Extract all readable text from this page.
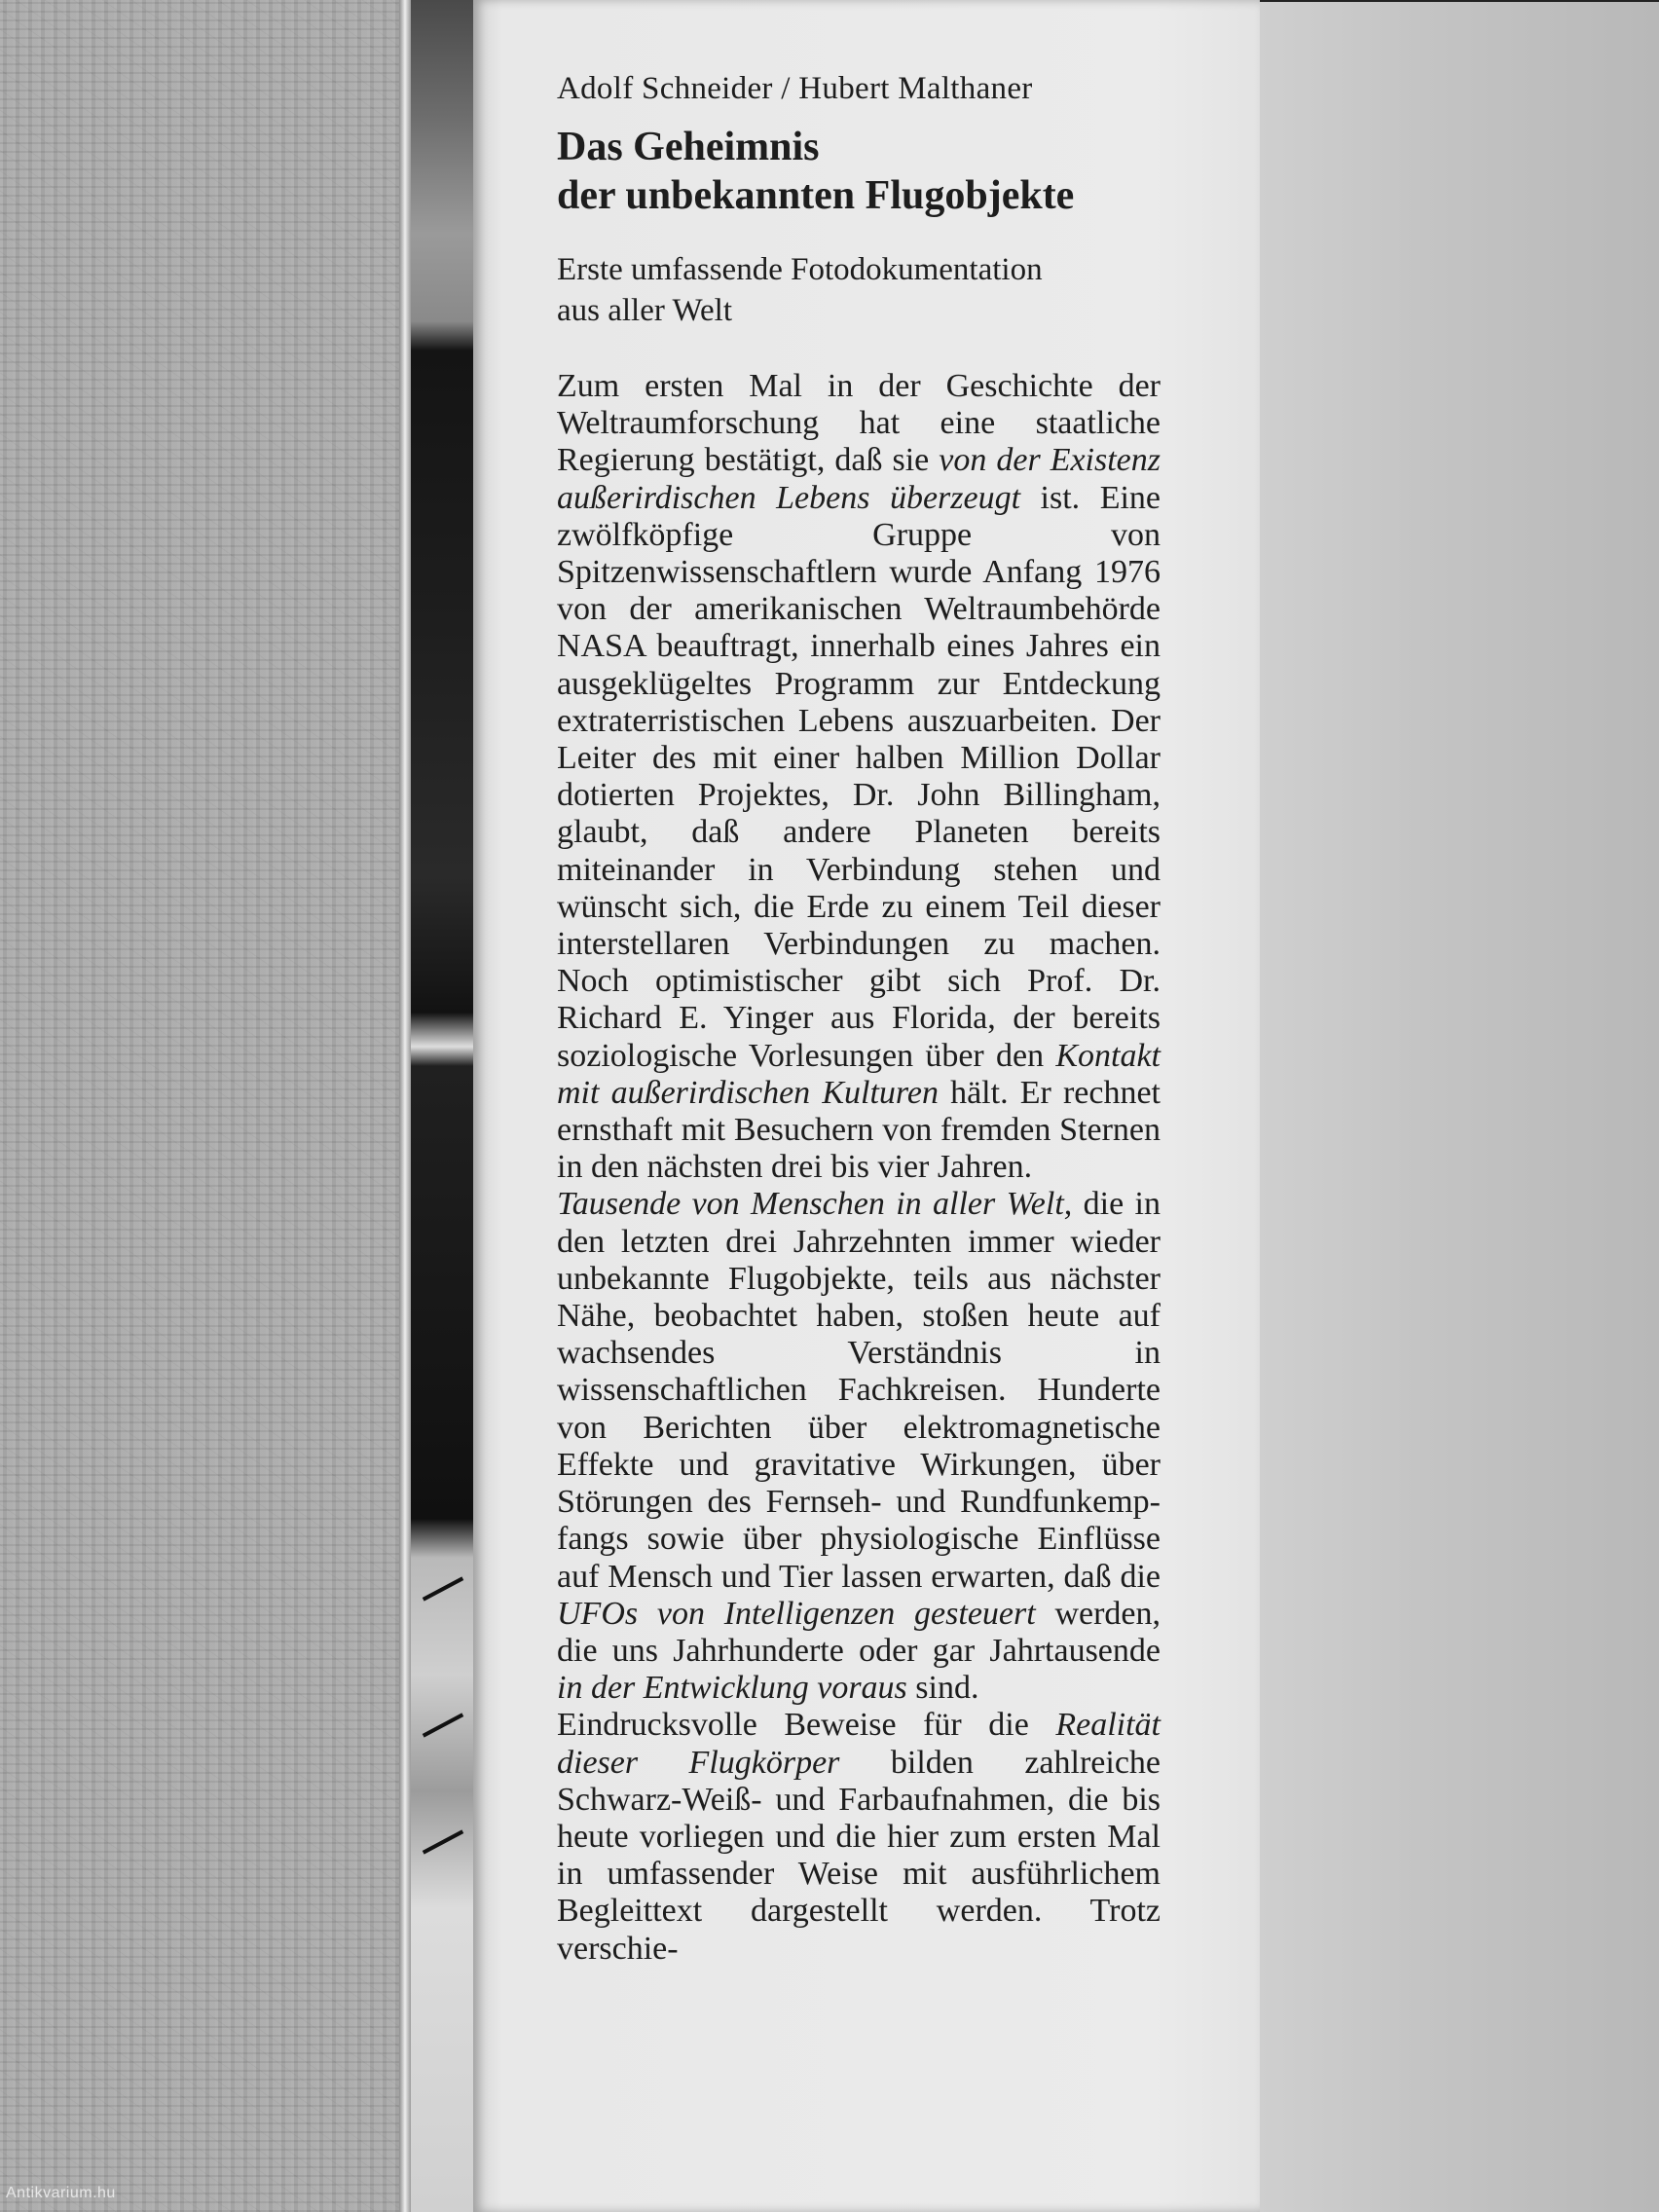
Adolf Schneider / Hubert Malthaner

Das Geheimnis
der unbekannten Flugobjekte

Erste umfassende Fotodokumentation
aus aller Welt

Zum ersten Mal in der Geschichte der Weltraumforschung hat eine staatliche Regierung bestätigt, daß sie von der Existenz außerirdischen Lebens überzeugt ist. Eine zwölfköpfige Gruppe von Spitzenwissenschaftlern wurde Anfang 1976 von der amerikanischen Weltraumbehörde NASA beauftragt, innerhalb eines Jahres ein ausgeklügeltes Programm zur Entdeckung extraterristischen Lebens auszuarbeiten. Der Leiter des mit einer halben Million Dollar dotierten Projektes, Dr. John Billingham, glaubt, daß andere Planeten bereits miteinander in Verbindung stehen und wünscht sich, die Erde zu einem Teil dieser interstellaren Verbindungen zu machen. Noch optimistischer gibt sich Prof. Dr. Richard E. Yinger aus Florida, der bereits soziologische Vorlesungen über den Kontakt mit außerirdischen Kulturen hält. Er rechnet ernsthaft mit Besuchern von fremden Sternen in den nächsten drei bis vier Jahren.

Tausende von Menschen in aller Welt, die in den letzten drei Jahrzehnten immer wieder unbekannte Flugobjekte, teils aus nächster Nähe, beobachtet haben, stoßen heute auf wachsendes Verständnis in wissenschaftlichen Fachkreisen. Hunderte von Berichten über elektromagnetische Effekte und gravitative Wirkungen, über Störungen des Fernseh- und Rundfunkempfangs sowie über physiologische Einflüsse auf Mensch und Tier lassen erwarten, daß die UFOs von Intelligenzen gesteuert werden, die uns Jahrhunderte oder gar Jahrtausende in der Entwicklung voraus sind.

Eindrucksvolle Beweise für die Realität dieser Flugkörper bilden zahlreiche Schwarz-Weiß- und Farbaufnahmen, die bis heute vorliegen und die hier zum ersten Mal in umfassender Weise mit ausführlichem Begleittext dargestellt werden. Trotz verschie-

Antikvarium.hu
